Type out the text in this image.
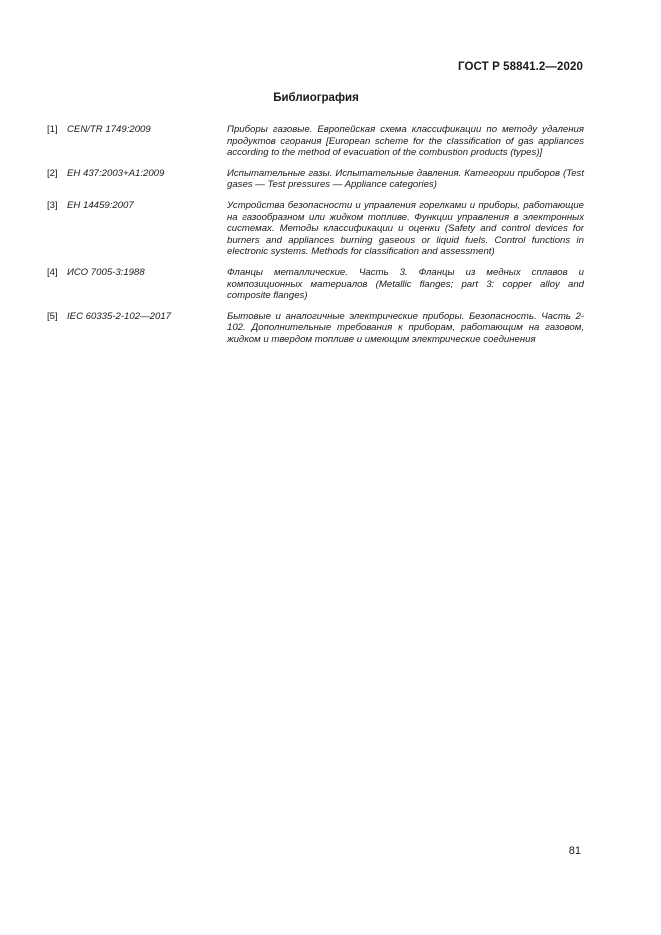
ГОСТ Р 58841.2—2020
Библиография
[1] CEN/TR 1749:2009	Приборы газовые. Европейская схема классификации по методу удаления продуктов сгорания [European scheme for the classification of gas appliances according to the method of evacuation of the combustion products (types)]
[2] ЕН 437:2003+А1:2009	Испытательные газы. Испытательные давления. Категории приборов (Test gases — Test pressures — Appliance categories)
[3] ЕН 14459:2007	Устройства безопасности и управления горелками и приборы, работающие на газообразном или жидком топливе. Функции управления в электронных системах. Методы классификации и оценки (Safety and control devices for burners and appliances burning gaseous or liquid fuels. Control functions in electronic systems. Methods for classification and assessment)
[4] ИСО 7005-3:1988	Фланцы металлические. Часть 3. Фланцы из медных сплавов и композиционных материалов (Metallic flanges; part 3: copper alloy and composite flanges)
[5] IEC 60335-2-102—2017	Бытовые и аналогичные электрические приборы. Безопасность. Часть 2-102. Дополнительные требования к приборам, работающим на газовом, жидком и твердом топливе и имеющим электрические соединения
81
